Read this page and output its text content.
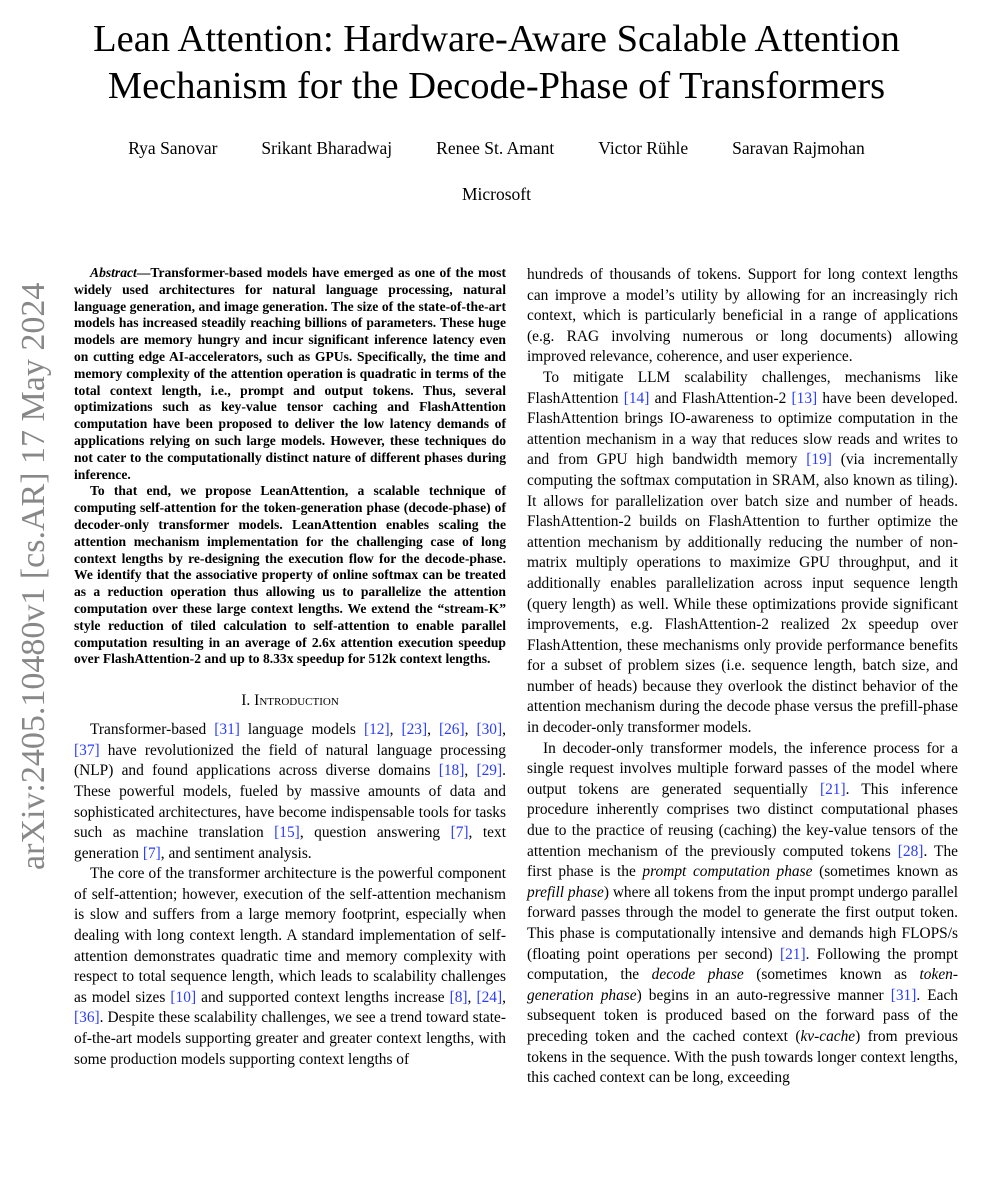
Lean Attention: Hardware-Aware Scalable Attention
Mechanism for the Decode-Phase of Transformers
Rya Sanovar	Srikant Bharadwaj	Renee St. Amant	Victor Rühle	Saravan Rajmohan
Microsoft
arXiv:2405.10480v1 [cs.AR] 17 May 2024

Abstract—Transformer-based models have emerged as one of the most widely used architectures for natural language processing, natural language generation, and image generation. The size of the state-of-the-art models has increased steadily reaching billions of parameters. These huge models are memory hungry and incur significant inference latency even on cutting edge AI-accelerators, such as GPUs. Specifically, the time and memory complexity of the attention operation is quadratic in terms of the total context length, i.e., prompt and output tokens. Thus, several optimizations such as key-value tensor caching and FlashAttention computation have been proposed to deliver the low latency demands of applications relying on such large models. However, these techniques do not cater to the computationally distinct nature of different phases during inference.

To that end, we propose LeanAttention, a scalable technique of computing self-attention for the token-generation phase (decode-phase) of decoder-only transformer models. LeanAttention enables scaling the attention mechanism implementation for the challenging case of long context lengths by re-designing the execution flow for the decode-phase. We identify that the associative property of online softmax can be treated as a reduction operation thus allowing us to parallelize the attention computation over these large context lengths. We extend the “stream-K” style reduction of tiled calculation to self-attention to enable parallel computation resulting in an average of 2.6x attention execution speedup over FlashAttention-2 and up to 8.33x speedup for 512k context lengths.

I. Introduction

Transformer-based [31] language models [12], [23], [26], [30], [37] have revolutionized the field of natural language processing (NLP) and found applications across diverse domains [18], [29]. These powerful models, fueled by massive amounts of data and sophisticated architectures, have become indispensable tools for tasks such as machine translation [15], question answering [7], text generation [7], and sentiment analysis.

The core of the transformer architecture is the powerful component of self-attention; however, execution of the self-attention mechanism is slow and suffers from a large memory footprint, especially when dealing with long context length. A standard implementation of self-attention demonstrates quadratic time and memory complexity with respect to total sequence length, which leads to scalability challenges as model sizes [10] and supported context lengths increase [8], [24], [36]. Despite these scalability challenges, we see a trend toward state-of-the-art models supporting greater and greater context lengths, with some production models supporting context lengths of

hundreds of thousands of tokens. Support for long context lengths can improve a model’s utility by allowing for an increasingly rich context, which is particularly beneficial in a range of applications (e.g. RAG involving numerous or long documents) allowing improved relevance, coherence, and user experience.

To mitigate LLM scalability challenges, mechanisms like FlashAttention [14] and FlashAttention-2 [13] have been developed. FlashAttention brings IO-awareness to optimize computation in the attention mechanism in a way that reduces slow reads and writes to and from GPU high bandwidth memory [19] (via incrementally computing the softmax computation in SRAM, also known as tiling). It allows for parallelization over batch size and number of heads. FlashAttention-2 builds on FlashAttention to further optimize the attention mechanism by additionally reducing the number of non-matrix multiply operations to maximize GPU throughput, and it additionally enables parallelization across input sequence length (query length) as well. While these optimizations provide significant improvements, e.g. FlashAttention-2 realized 2x speedup over FlashAttention, these mechanisms only provide performance benefits for a subset of problem sizes (i.e. sequence length, batch size, and number of heads) because they overlook the distinct behavior of the attention mechanism during the decode phase versus the prefill-phase in decoder-only transformer models.

In decoder-only transformer models, the inference process for a single request involves multiple forward passes of the model where output tokens are generated sequentially [21]. This inference procedure inherently comprises two distinct computational phases due to the practice of reusing (caching) the key-value tensors of the attention mechanism of the previously computed tokens [28]. The first phase is the prompt computation phase (sometimes known as prefill phase) where all tokens from the input prompt undergo parallel forward passes through the model to generate the first output token. This phase is computationally intensive and demands high FLOPS/s (floating point operations per second) [21]. Following the prompt computation, the decode phase (sometimes known as token-generation phase) begins in an auto-regressive manner [31]. Each subsequent token is produced based on the forward pass of the preceding token and the cached context (kv-cache) from previous tokens in the sequence. With the push towards longer context lengths, this cached context can be long, exceeding
